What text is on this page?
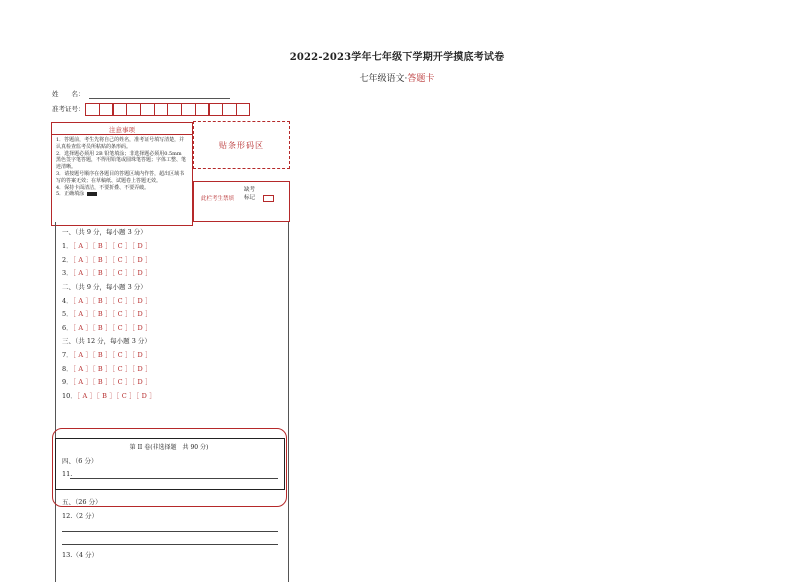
2022-2023学年七年级下学期开学摸底考试卷
七年级语文·答题卡
姓　　名：
准考证号：
注意事项
1．答题前，考生先将自己的姓名，准考证号填写清楚，并认真检查监考员所粘贴的条形码。
2．选择题必须用 2B 铅笔填涂；非选择题必须用0.5mm 黑色签字笔答题，不得用铅笔或圆珠笔答题；字体工整、笔迹清晰。
3．请按题号顺序在各题目的答题区域内作答，超出区域书写的答案无效；在草稿纸、试题卷上答题无效。
4．保持卡面清洁，不要折叠、不要弄破。
5．正确填涂
贴条形码区
此栏考生禁填
缺考
标记
一、（共 9 分，每小题 3 分）
1．［ A ］［ B ］［ C ］［ D ］
2．［ A ］［ B ］［ C ］［ D ］
3．［ A ］［ B ］［ C ］［ D ］
二、（共 9 分，每小题 3 分）
4．［ A ］［ B ］［ C ］［ D ］
5．［ A ］［ B ］［ C ］［ D ］
6．［ A ］［ B ］［ C ］［ D ］
三、（共 12 分，每小题 3 分）
7．［ A ］［ B ］［ C ］［ D ］
8．［ A ］［ B ］［ C ］［ D ］
9．［ A ］［ B ］［ C ］［ D ］
10．［ A ］［ B ］［ C ］［ D ］
第 II 卷(非选择题　共 90 分)
四、（6 分）
11.
五、（26 分）
12.（2 分）
13.（4 分）
